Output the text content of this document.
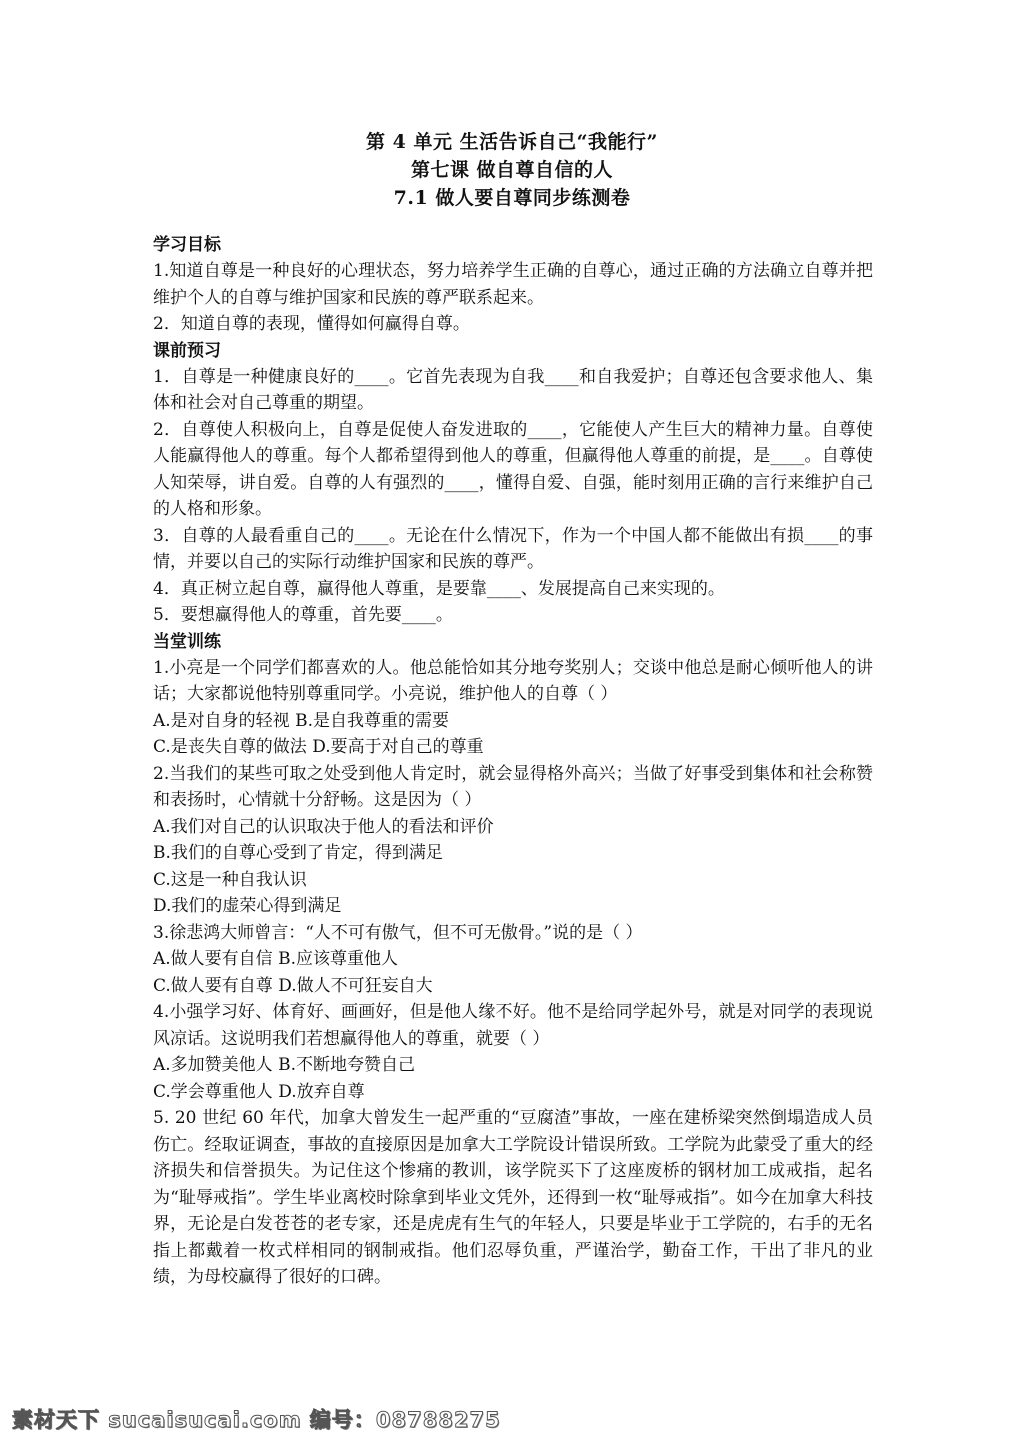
第 4 单元 生活告诉自己“我能行”

第七课 做自尊自信的人

7.1 做人要自尊同步练测卷

学习目标

1.知道自尊是一种良好的心理状态，努力培养学生正确的自尊心，通过正确的方法确立自尊并把维护个人的自尊与维护国家和民族的尊严联系起来。

2．知道自尊的表现，懂得如何赢得自尊。

课前预习

1．自尊是一种健康良好的____。它首先表现为自我____和自我爱护；自尊还包含要求他人、集体和社会对自己尊重的期望。

2．自尊使人积极向上，自尊是促使人奋发进取的____，它能使人产生巨大的精神力量。自尊使人能赢得他人的尊重。每个人都希望得到他人的尊重，但赢得他人尊重的前提，是____。自尊使人知荣辱，讲自爱。自尊的人有强烈的____，懂得自爱、自强，能时刻用正确的言行来维护自己的人格和形象。

3．自尊的人最看重自己的____。无论在什么情况下，作为一个中国人都不能做出有损____的事情，并要以自己的实际行动维护国家和民族的尊严。

4．真正树立起自尊，赢得他人尊重，是要靠____、发展提高自己来实现的。

5．要想赢得他人的尊重，首先要____。

当堂训练

1.小亮是一个同学们都喜欢的人。他总能恰如其分地夸奖别人；交谈中他总是耐心倾听他人的讲话；大家都说他特别尊重同学。小亮说，维护他人的自尊（ ）

A.是对自身的轻视 B.是自我尊重的需要

C.是丧失自尊的做法 D.要高于对自己的尊重

2.当我们的某些可取之处受到他人肯定时，就会显得格外高兴；当做了好事受到集体和社会称赞和表扬时，心情就十分舒畅。这是因为（ ）

A.我们对自己的认识取决于他人的看法和评价

B.我们的自尊心受到了肯定，得到满足

C.这是一种自我认识

D.我们的虚荣心得到满足

3.徐悲鸿大师曾言：“人不可有傲气，但不可无傲骨。”说的是（ ）

A.做人要有自信 B.应该尊重他人

C.做人要有自尊 D.做人不可狂妄自大

4.小强学习好、体育好、画画好，但是他人缘不好。他不是给同学起外号，就是对同学的表现说风凉话。这说明我们若想赢得他人的尊重，就要（ ）

A.多加赞美他人 B.不断地夸赞自己

C.学会尊重他人 D.放弃自尊

5. 20 世纪 60 年代，加拿大曾发生一起严重的“豆腐渣”事故，一座在建桥梁突然倒塌造成人员伤亡。经取证调查，事故的直接原因是加拿大工学院设计错误所致。工学院为此蒙受了重大的经济损失和信誉损失。为记住这个惨痛的教训，该学院买下了这座废桥的钢材加工成戒指，起名为“耻辱戒指”。学生毕业离校时除拿到毕业文凭外，还得到一枚“耻辱戒指”。如今在加拿大科技界，无论是白发苍苍的老专家，还是虎虎有生气的年轻人，只要是毕业于工学院的，右手的无名指上都戴着一枚式样相同的钢制戒指。他们忍辱负重，严谨治学，勤奋工作，干出了非凡的业绩，为母校赢得了很好的口碑。

素材天下 sucaisucai.com 编号：08788275
